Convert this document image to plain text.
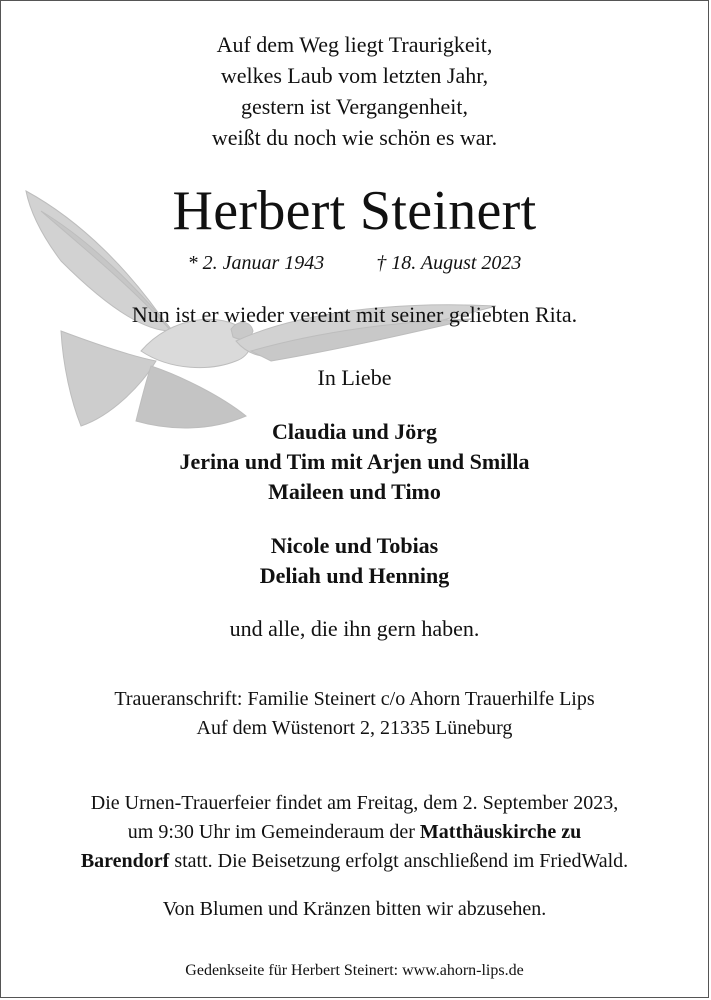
Auf dem Weg liegt Traurigkeit,
welkes Laub vom letzten Jahr,
gestern ist Vergangenheit,
weißt du noch wie schön es war.
Herbert Steinert
* 2. Januar 1943	† 18. August 2023
Nun ist er wieder vereint mit seiner geliebten Rita.
In Liebe
Claudia und Jörg
Jerina und Tim mit Arjen und Smilla
Maileen und Timo
Nicole und Tobias
Deliah und Henning
und alle, die ihn gern haben.
Traueranschrift: Familie Steinert c/o Ahorn Trauerhilfe Lips
Auf dem Wüstenort 2, 21335 Lüneburg
Die Urnen-Trauerfeier findet am Freitag, dem 2. September 2023,
um 9:30 Uhr im Gemeinderaum der Matthäuskirche zu
Barendorf statt. Die Beisetzung erfolgt anschließend im FriedWald.
Von Blumen und Kränzen bitten wir abzusehen.
Gedenkseite für Herbert Steinert: www.ahorn-lips.de
